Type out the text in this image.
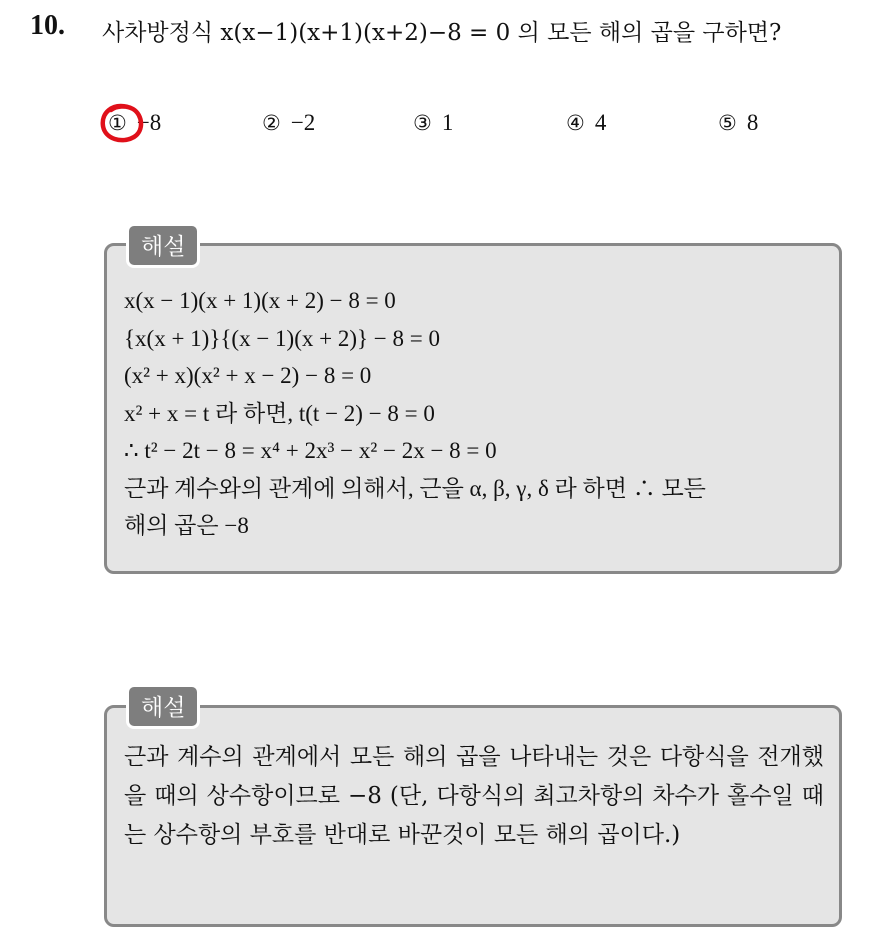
10. 사차방정식 x(x−1)(x+1)(x+2)−8 = 0 의 모든 해의 곱을 구하면?
① −8	② −2	③ 1	④ 4	⑤ 8
해설
x(x − 1)(x + 1)(x + 2) − 8 = 0
{x(x + 1)}{(x − 1)(x + 2)} − 8 = 0
(x² + x)(x² + x − 2) − 8 = 0
x² + x = t 라 하면, t(t − 2) − 8 = 0
∴ t² − 2t − 8 = x⁴ + 2x³ − x² − 2x − 8 = 0
근과 계수와의 관계에 의해서, 근을 α, β, γ, δ 라 하면 ∴ 모든
해의 곱은 −8
해설
근과 계수의 관계에서 모든 해의 곱을 나타내는 것은 다항식을 전개했을 때의 상수항이므로 −8 (단, 다항식의 최고차항의 차수가 홀수일 때는 상수항의 부호를 반대로 바꾼것이 모든 해의 곱이다.)
